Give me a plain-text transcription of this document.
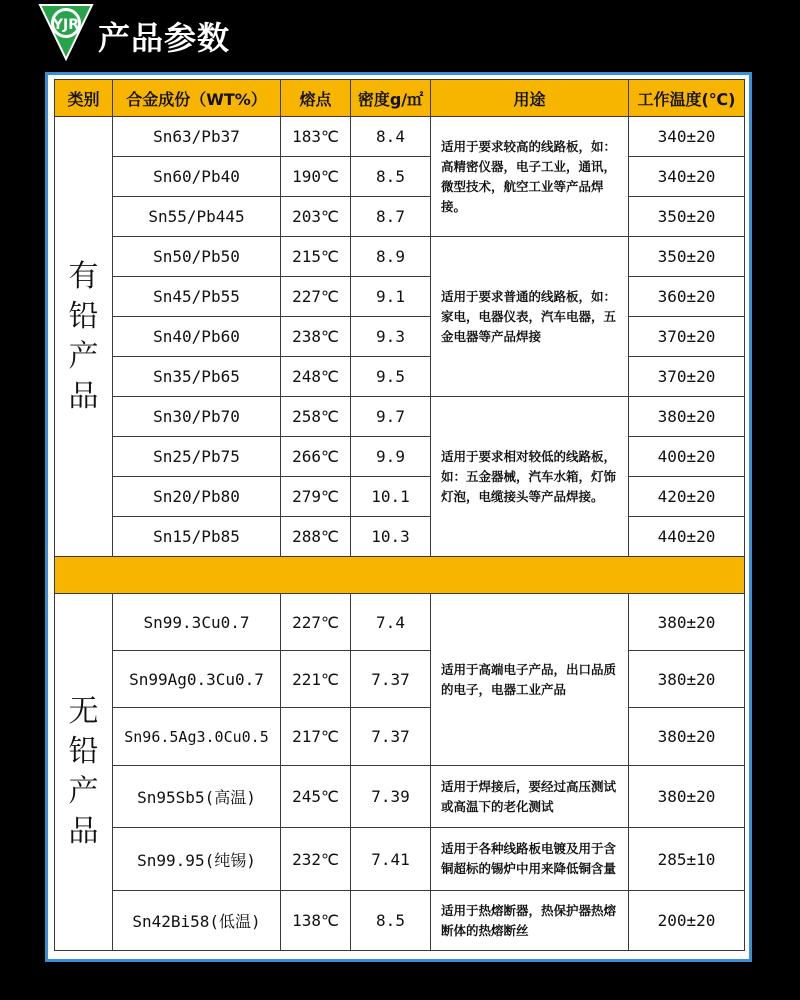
YJR 产品参数
类别	合金成份（WT%）	熔点	密度g/㎡	用途	工作温度(℃)
有铅产品	Sn63/Pb37	183℃	8.4	适用于要求较高的线路板，如：高精密仪器，电子工业，通讯，微型技术，航空工业等产品焊接。	340±20
	Sn60/Pb40	190℃	8.5		340±20
	Sn55/Pb445	203℃	8.7		350±20
	Sn50/Pb50	215℃	8.9	适用于要求普通的线路板，如：家电，电器仪表，汽车电器，五金电器等产品焊接	350±20
	Sn45/Pb55	227℃	9.1		360±20
	Sn40/Pb60	238℃	9.3		370±20
	Sn35/Pb65	248℃	9.5		370±20
	Sn30/Pb70	258℃	9.7	适用于要求相对较低的线路板，如：五金器械，汽车水箱，灯饰灯泡，电缆接头等产品焊接。	380±20
	Sn25/Pb75	266℃	9.9		400±20
	Sn20/Pb80	279℃	10.1		420±20
	Sn15/Pb85	288℃	10.3		440±20

无铅产品	Sn99.3Cu0.7	227℃	7.4	适用于高端电子产品，出口品质的电子，电器工业产品	380±20
	Sn99Ag0.3Cu0.7	221℃	7.37		380±20
	Sn96.5Ag3.0Cu0.5	217℃	7.37		380±20
	Sn95Sb5(高温)	245℃	7.39	适用于焊接后，要经过高压测试或高温下的老化测试	380±20
	Sn99.95(纯锡)	232℃	7.41	适用于各种线路板电镀及用于含铜超标的锡炉中用来降低铜含量	285±10
	Sn42Bi58(低温)	138℃	8.5	适用于热熔断器，热保护器热熔断体的热熔断丝	200±20
